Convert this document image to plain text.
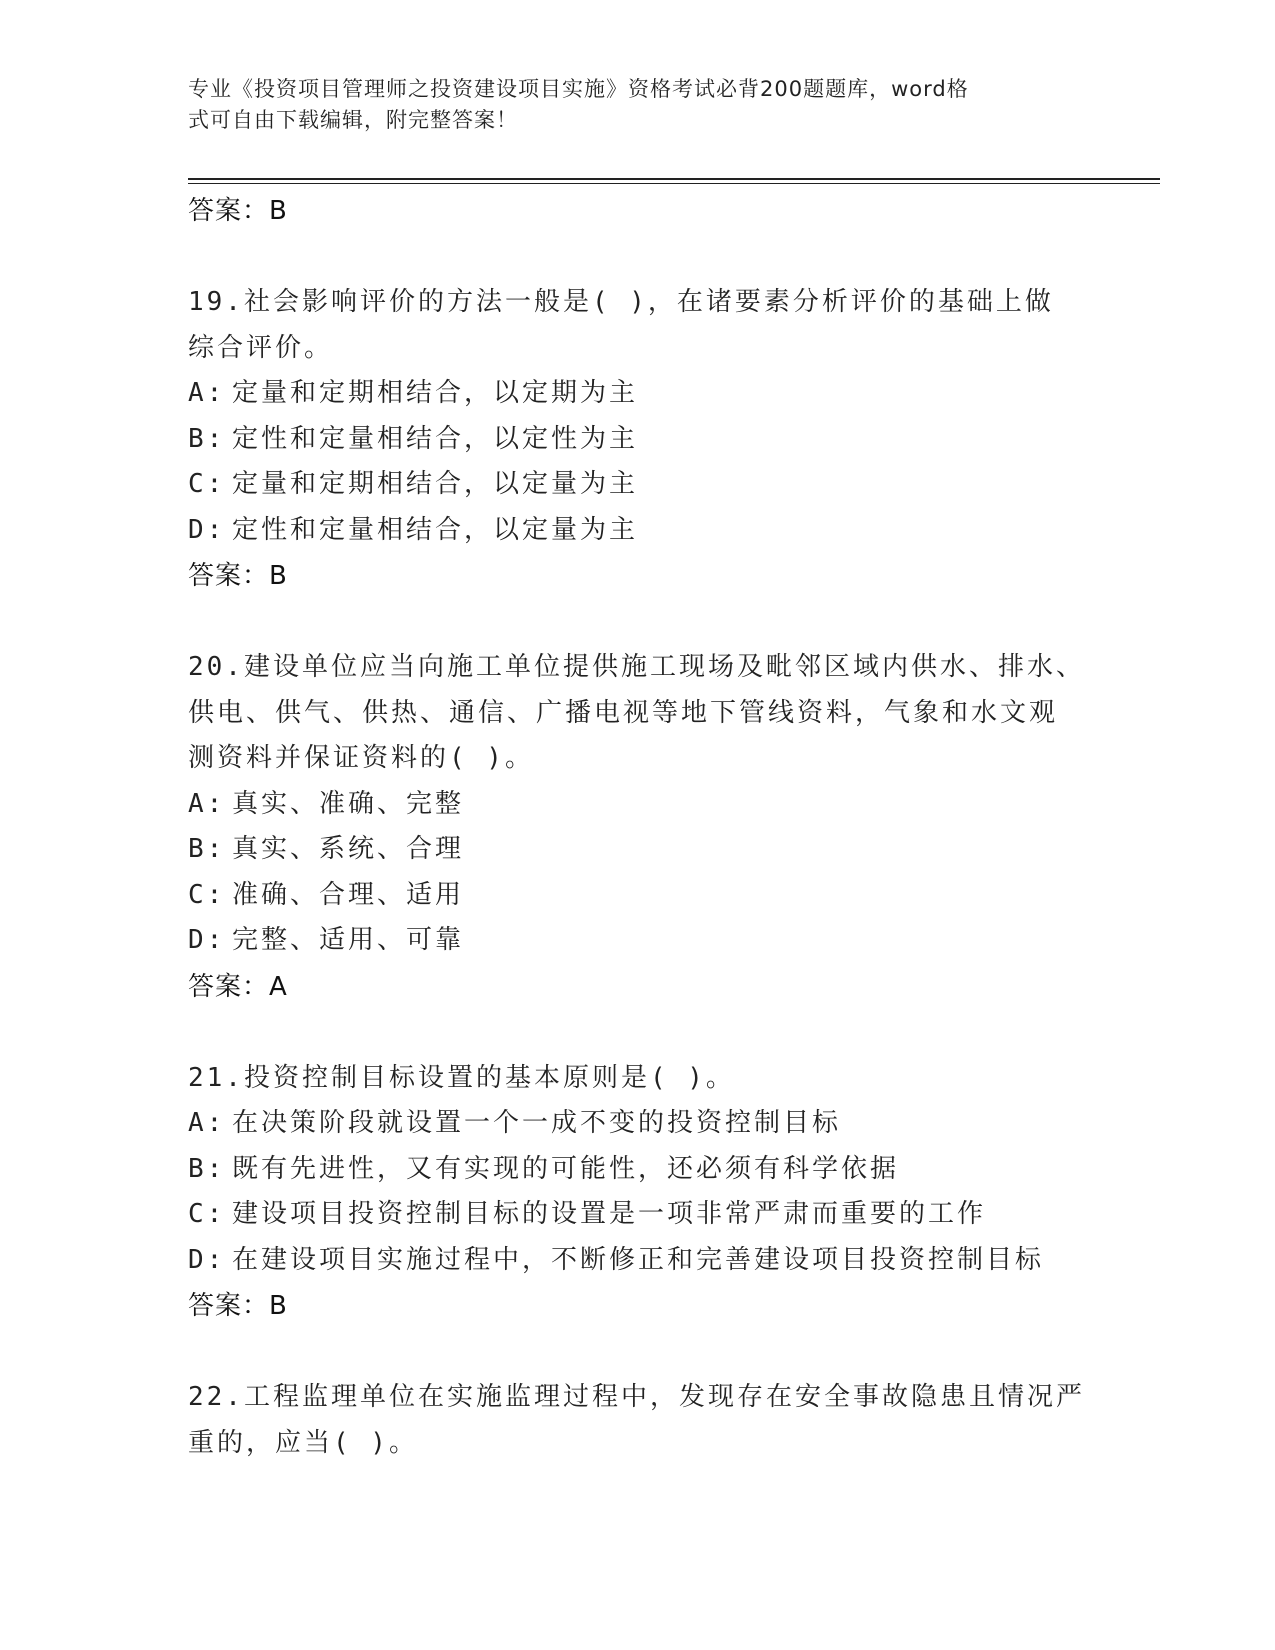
专业《投资项目管理师之投资建设项目实施》资格考试必背200题题库，word格
式可自由下载编辑，附完整答案！
答案：B
19.社会影响评价的方法一般是( )，在诸要素分析评价的基础上做
综合评价。
A: 定量和定期相结合，以定期为主
B: 定性和定量相结合，以定性为主
C: 定量和定期相结合，以定量为主
D: 定性和定量相结合，以定量为主
答案：B
20.建设单位应当向施工单位提供施工现场及毗邻区域内供水、排水、
供电、供气、供热、通信、广播电视等地下管线资料，气象和水文观
测资料并保证资料的( )。
A: 真实、准确、完整
B: 真实、系统、合理
C: 准确、合理、适用
D: 完整、适用、可靠
答案：A
21.投资控制目标设置的基本原则是( )。
A: 在决策阶段就设置一个一成不变的投资控制目标
B: 既有先进性，又有实现的可能性，还必须有科学依据
C: 建设项目投资控制目标的设置是一项非常严肃而重要的工作
D: 在建设项目实施过程中，不断修正和完善建设项目投资控制目标
答案：B
22.工程监理单位在实施监理过程中，发现存在安全事故隐患且情况严
重的，应当( )。
